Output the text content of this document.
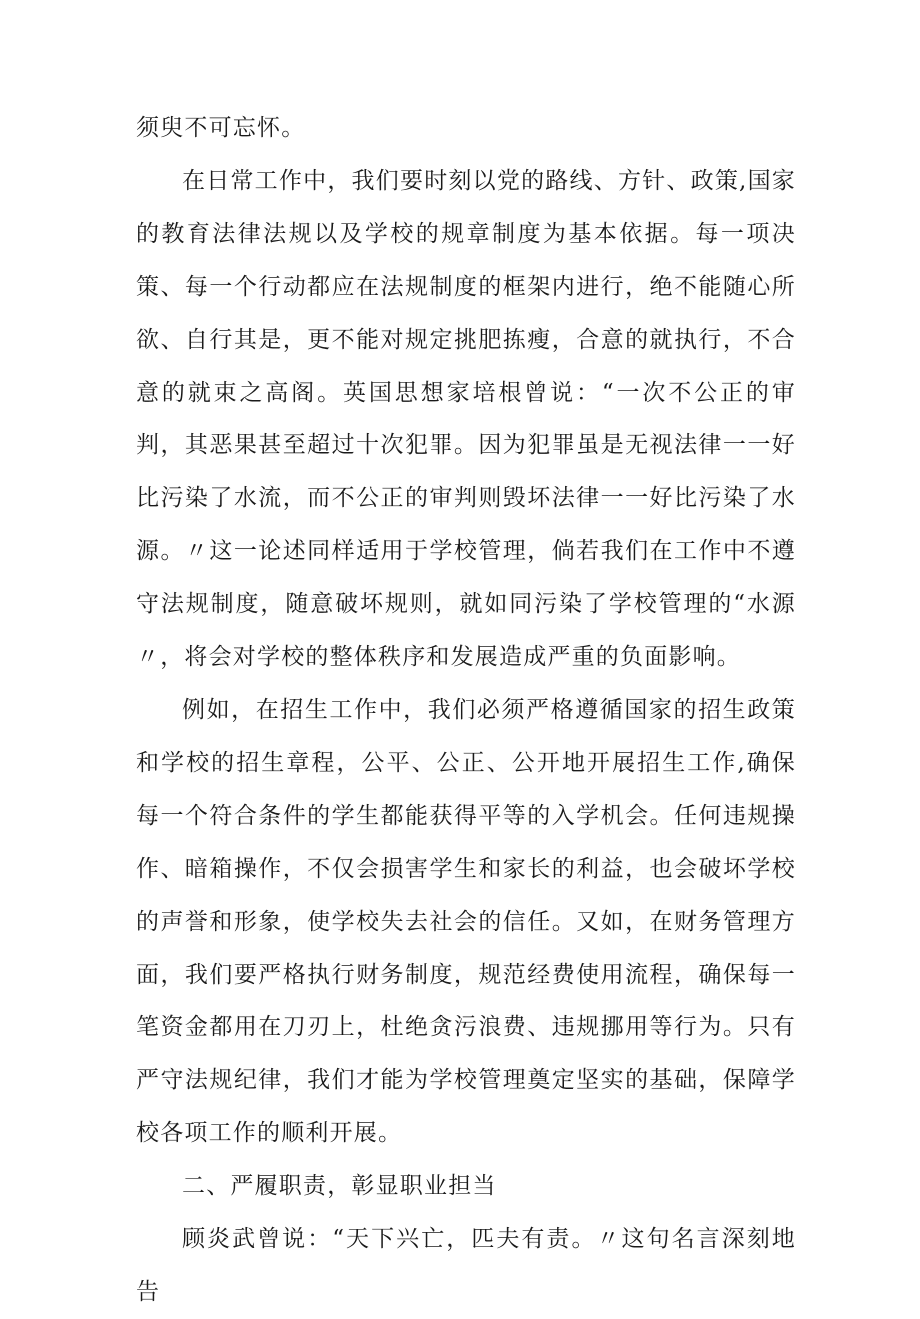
须臾不可忘怀。

在日常工作中，我们要时刻以党的路线、方针、政策,国家的教育法律法规以及学校的规章制度为基本依据。每一项决策、每一个行动都应在法规制度的框架内进行，绝不能随心所欲、自行其是，更不能对规定挑肥拣瘦，合意的就执行，不合意的就束之高阁。英国思想家培根曾说：“一次不公正的审判，其恶果甚至超过十次犯罪。因为犯罪虽是无视法律一一好比污染了水流，而不公正的审判则毁坏法律一一好比污染了水源。〃这一论述同样适用于学校管理，倘若我们在工作中不遵守法规制度，随意破坏规则，就如同污染了学校管理的“水源〃，将会对学校的整体秩序和发展造成严重的负面影响。

例如，在招生工作中，我们必须严格遵循国家的招生政策和学校的招生章程，公平、公正、公开地开展招生工作,确保每一个符合条件的学生都能获得平等的入学机会。任何违规操作、暗箱操作，不仅会损害学生和家长的利益，也会破坏学校的声誉和形象，使学校失去社会的信任。又如，在财务管理方面，我们要严格执行财务制度，规范经费使用流程，确保每一笔资金都用在刀刃上，杜绝贪污浪费、违规挪用等行为。只有严守法规纪律，我们才能为学校管理奠定坚实的基础，保障学校各项工作的顺利开展。

二、严履职责，彰显职业担当

顾炎武曾说：“天下兴亡，匹夫有责。〃这句名言深刻地告
